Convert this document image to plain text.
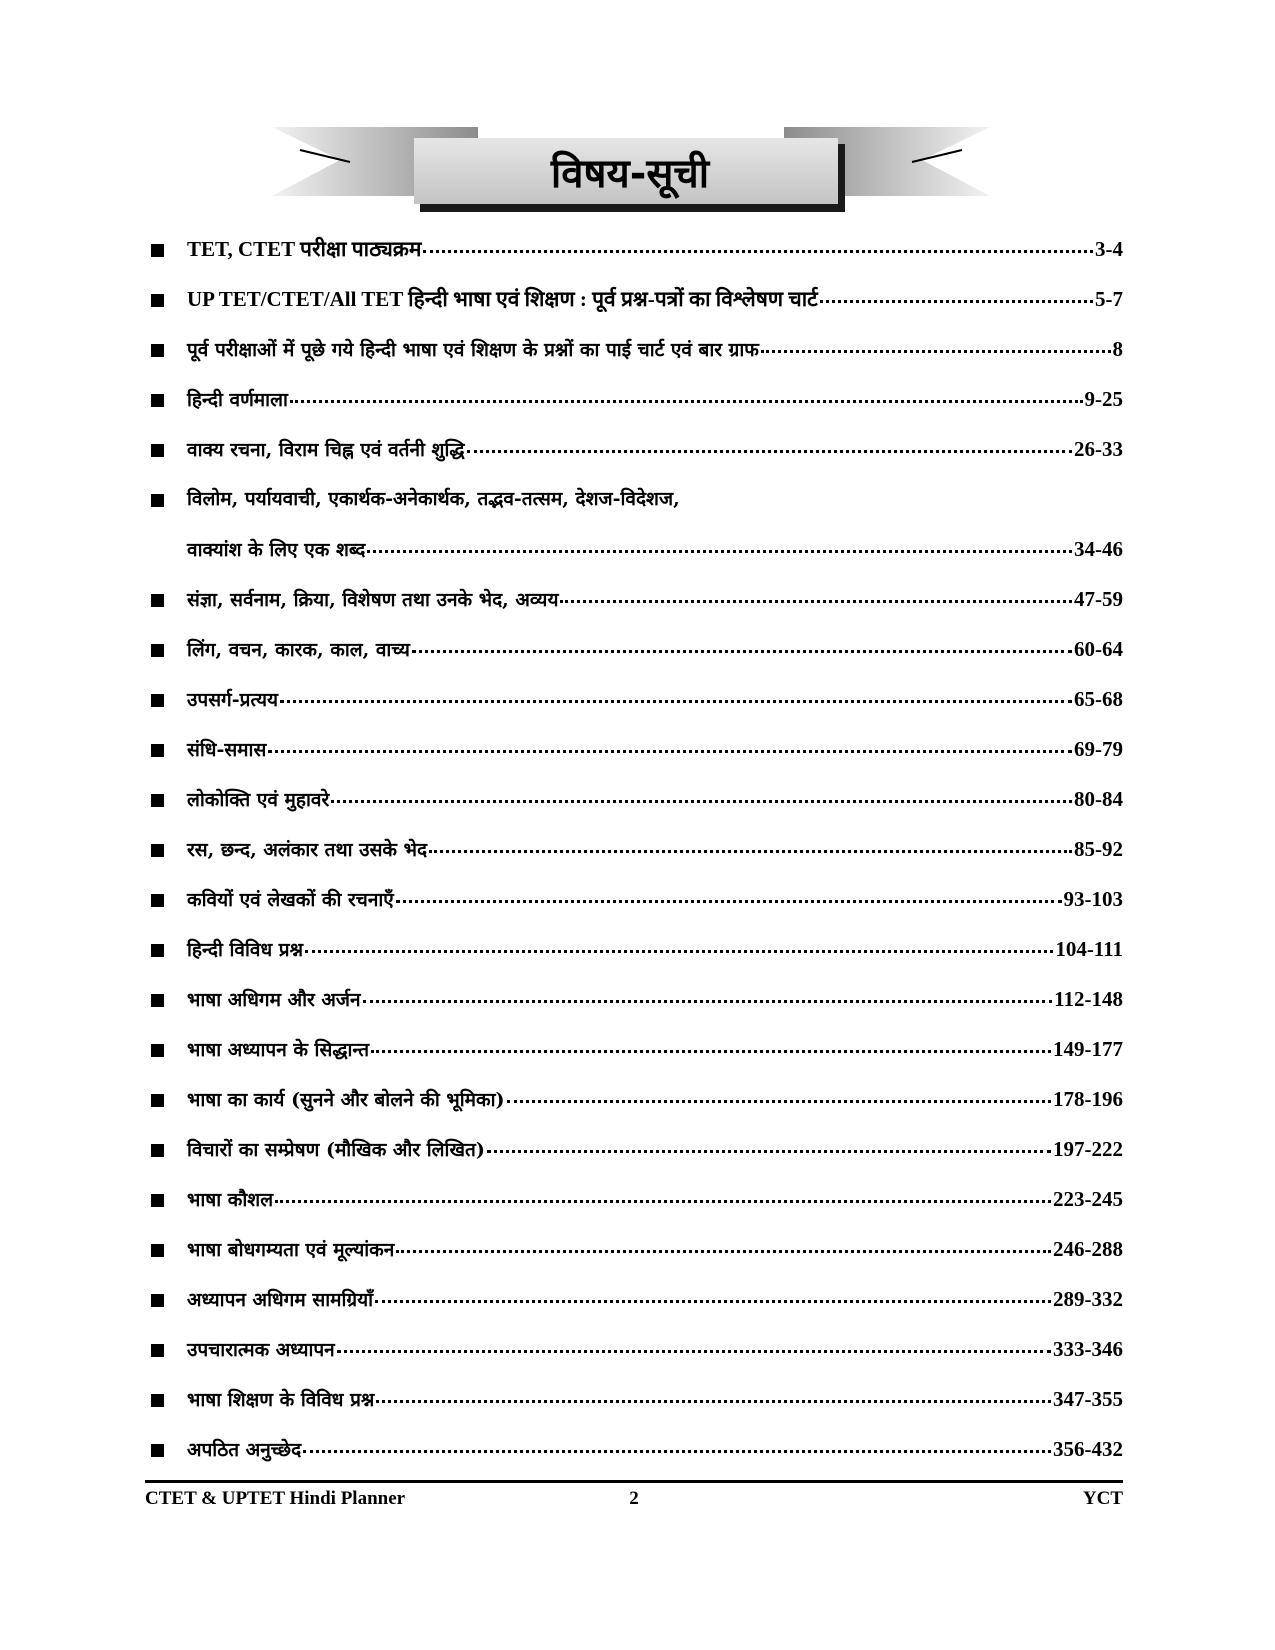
विषय-सूची
TET, CTET परीक्षा पाठ्यक्रम	3-4
UP TET/CTET/All TET हिन्दी भाषा एवं शिक्षण : पूर्व प्रश्न-पत्रों का विश्लेषण चार्ट	5-7
पूर्व परीक्षाओं में पूछे गये हिन्दी भाषा एवं शिक्षण के प्रश्नों का पाई चार्ट एवं बार ग्राफ	8
हिन्दी वर्णमाला	9-25
वाक्य रचना, विराम चिह्न एवं वर्तनी शुद्धि	26-33
विलोम, पर्यायवाची, एकार्थक-अनेकार्थक, तद्भव-तत्सम, देशज-विदेशज,
वाक्यांश के लिए एक शब्द	34-46
संज्ञा, सर्वनाम, क्रिया, विशेषण तथा उनके भेद, अव्यय	47-59
लिंग, वचन, कारक, काल, वाच्य	60-64
उपसर्ग-प्रत्यय	65-68
संधि-समास	69-79
लोकोक्ति एवं मुहावरे	80-84
रस, छन्द, अलंकार तथा उसके भेद	85-92
कवियों एवं लेखकों की रचनाएँ	93-103
हिन्दी विविध प्रश्न	104-111
भाषा अधिगम और अर्जन	112-148
भाषा अध्यापन के सिद्धान्त	149-177
भाषा का कार्य (सुनने और बोलने की भूमिका)	178-196
विचारों का सम्प्रेषण (मौखिक और लिखित)	197-222
भाषा कौशल	223-245
भाषा बोधगम्यता एवं मूल्यांकन	246-288
अध्यापन अधिगम सामग्रियाँ	289-332
उपचारात्मक अध्यापन	333-346
भाषा शिक्षण के विविध प्रश्न	347-355
अपठित अनुच्छेद	356-432
CTET & UPTET Hindi Planner	2	YCT
